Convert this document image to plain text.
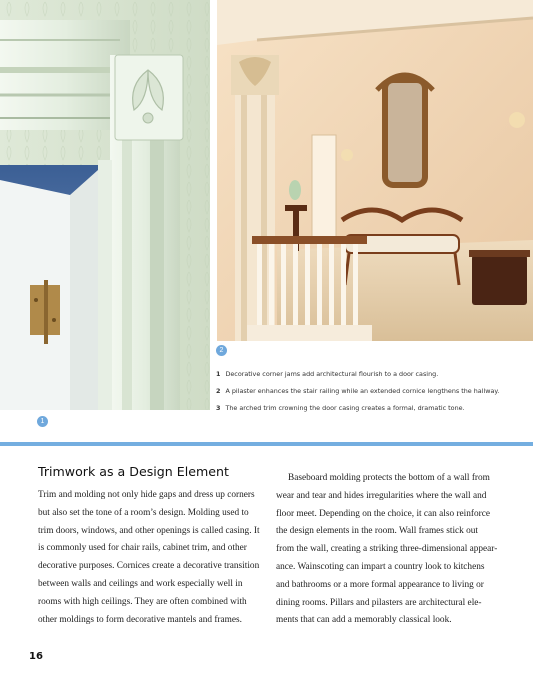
2
1
1 Decorative corner jams add architectural flourish to a door casing.
2 A pilaster enhances the stair railing while an extended cornice lengthens the hallway.
3 The arched trim crowning the door casing creates a formal, dramatic tone.
Trimwork as a Design Element
Trim and molding not only hide gaps and dress up corners
but also set the tone of a room’s design. Molding used to
trim doors, windows, and other openings is called casing. It
is commonly used for chair rails, cabinet trim, and other
decorative purposes. Cornices create a decorative transition
between walls and ceilings and work especially well in
rooms with high ceilings. They are often combined with
other moldings to form decorative mantels and frames.
Baseboard molding protects the bottom of a wall from
wear and tear and hides irregularities where the wall and
floor meet. Depending on the choice, it can also reinforce
the design elements in the room. Wall frames stick out
from the wall, creating a striking three-dimensional appear-
ance. Wainscoting can impart a country look to kitchens
and bathrooms or a more formal appearance to living or
dining rooms. Pillars and pilasters are architectural ele-
ments that can add a memorably classical look.
16
